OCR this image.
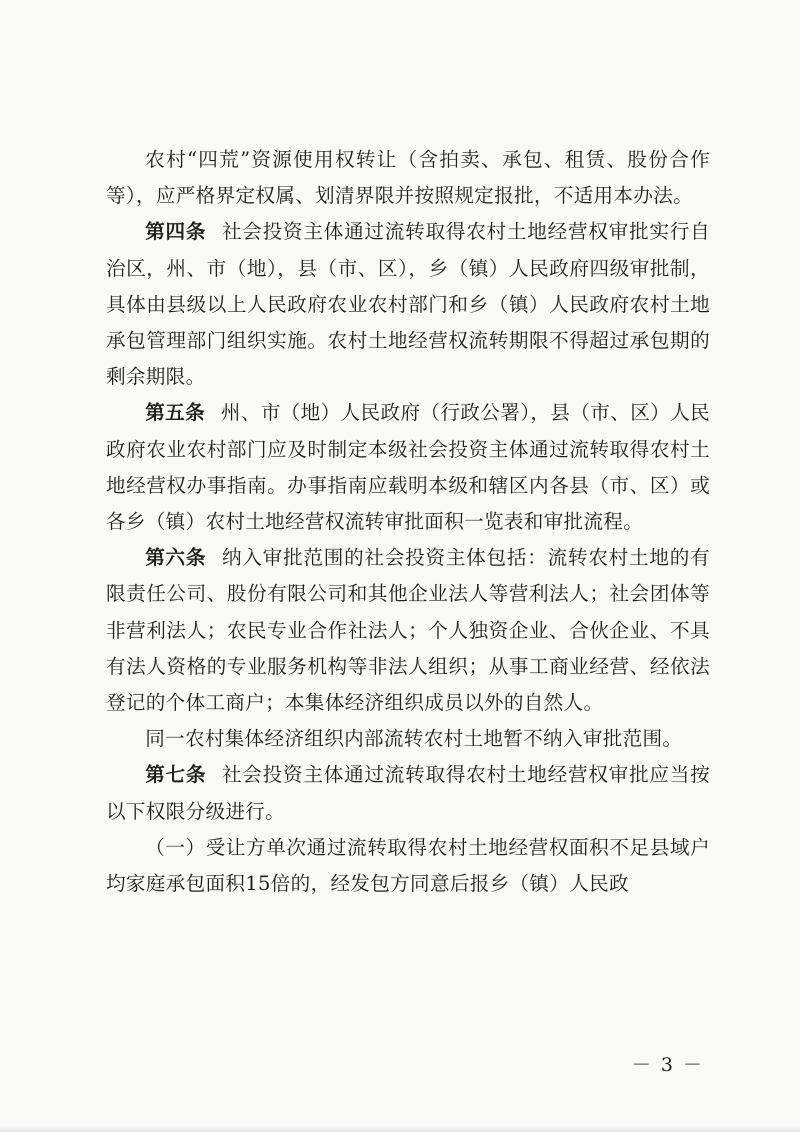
农村“四荒”资源使用权转让（含拍卖、承包、租赁、股份合作等），应严格界定权属、划清界限并按照规定报批，不适用本办法。

第四条 社会投资主体通过流转取得农村土地经营权审批实行自治区，州、市（地），县（市、区），乡（镇）人民政府四级审批制，具体由县级以上人民政府农业农村部门和乡（镇）人民政府农村土地承包管理部门组织实施。农村土地经营权流转期限不得超过承包期的剩余期限。

第五条 州、市（地）人民政府（行政公署），县（市、区）人民政府农业农村部门应及时制定本级社会投资主体通过流转取得农村土地经营权办事指南。办事指南应载明本级和辖区内各县（市、区）或各乡（镇）农村土地经营权流转审批面积一览表和审批流程。

第六条 纳入审批范围的社会投资主体包括：流转农村土地的有限责任公司、股份有限公司和其他企业法人等营利法人；社会团体等非营利法人；农民专业合作社法人；个人独资企业、合伙企业、不具有法人资格的专业服务机构等非法人组织；从事工商业经营、经依法登记的个体工商户；本集体经济组织成员以外的自然人。

同一农村集体经济组织内部流转农村土地暂不纳入审批范围。

第七条 社会投资主体通过流转取得农村土地经营权审批应当按以下权限分级进行。

（一）受让方单次通过流转取得农村土地经营权面积不足县域户均家庭承包面积15倍的，经发包方同意后报乡（镇）人民政

－ 3 －
